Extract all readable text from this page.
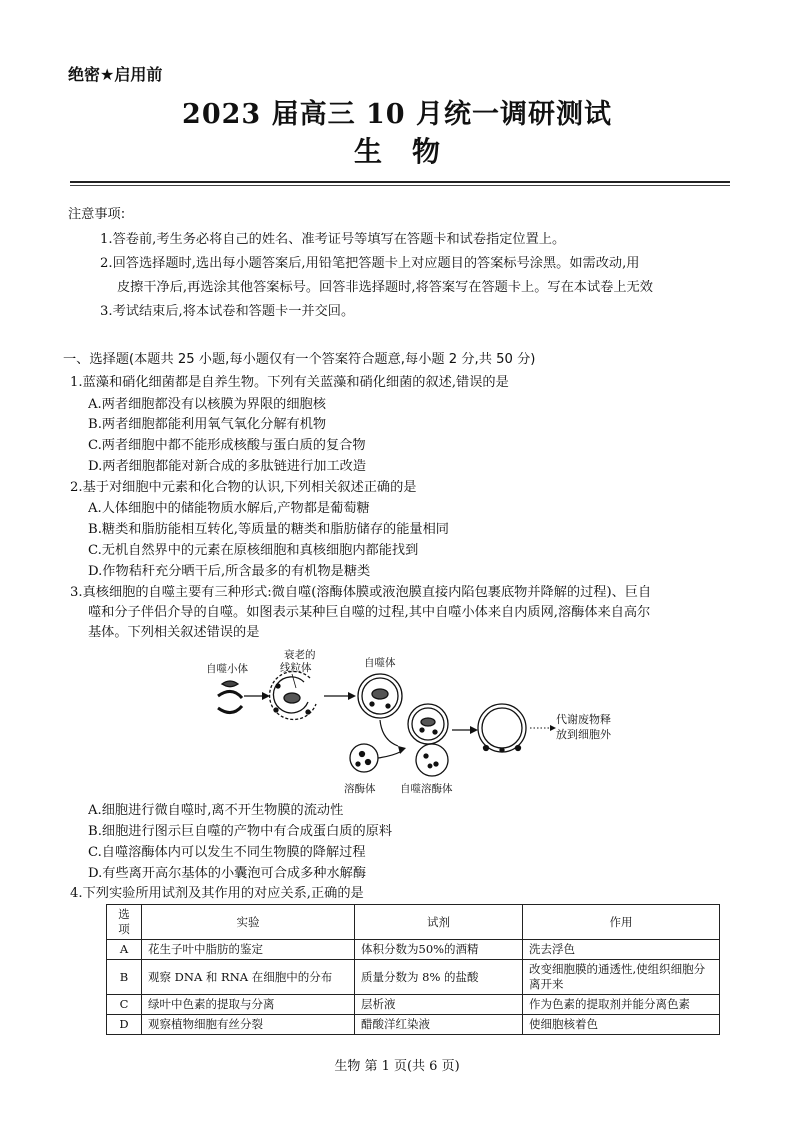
绝密★启用前
2023 届高三 10 月统一调研测试
生物
注意事项:
1.答卷前,考生务必将自己的姓名、准考证号等填写在答题卡和试卷指定位置上。
2.回答选择题时,选出每小题答案后,用铅笔把答题卡上对应题目的答案标号涂黑。如需改动,用
皮擦干净后,再选涂其他答案标号。回答非选择题时,将答案写在答题卡上。写在本试卷上无效
3.考试结束后,将本试卷和答题卡一并交回。
一、选择题(本题共 25 小题,每小题仅有一个答案符合题意,每小题 2 分,共 50 分)
1.蓝藻和硝化细菌都是自养生物。下列有关蓝藻和硝化细菌的叙述,错误的是
A.两者细胞都没有以核膜为界限的细胞核
B.两者细胞都能利用氧气氧化分解有机物
C.两者细胞中都不能形成核酸与蛋白质的复合物
D.两者细胞都能对新合成的多肽链进行加工改造
2.基于对细胞中元素和化合物的认识,下列相关叙述正确的是
A.人体细胞中的储能物质水解后,产物都是葡萄糖
B.糖类和脂肪能相互转化,等质量的糖类和脂肪储存的能量相同
C.无机自然界中的元素在原核细胞和真核细胞内都能找到
D.作物秸秆充分晒干后,所含最多的有机物是糖类
3.真核细胞的自噬主要有三种形式:微自噬(溶酶体膜或液泡膜直接内陷包裹底物并降解的过程)、巨自
噬和分子伴侣介导的自噬。如图表示某种巨自噬的过程,其中自噬小体来自内质网,溶酶体来自高尔
基体。下列相关叙述错误的是
自噬小体
衰老的
线粒体	自噬体
溶酶体 自噬溶酶体
代谢废物释
放到细胞外
A.细胞进行微自噬时,离不开生物膜的流动性
B.细胞进行图示巨自噬的产物中有合成蛋白质的原料
C.自噬溶酶体内可以发生不同生物膜的降解过程
D.有些离开高尔基体的小囊泡可合成多种水解酶
4.下列实验所用试剂及其作用的对应关系,正确的是
选项	实验	试剂	作用
A	花生子叶中脂肪的鉴定	体积分数为50%的酒精	洗去浮色
B	观察 DNA 和 RNA 在细胞中的分布	质量分数为 8% 的盐酸	改变细胞膜的通透性,使组织细胞分离开来
C	绿叶中色素的提取与分离	层析液	作为色素的提取剂并能分离色素
D	观察植物细胞有丝分裂	醋酸洋红染液	使细胞核着色
生物 第 1 页(共 6 页)
